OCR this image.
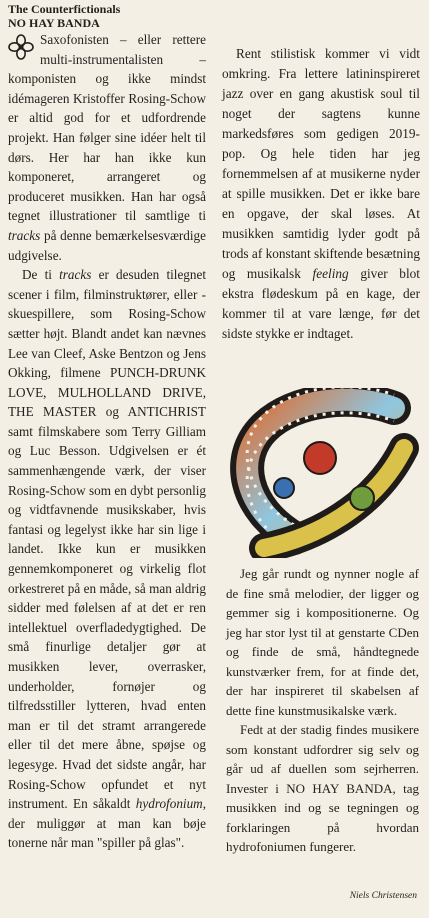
The Counterfictionals
NO HAY BANDA

Saxofonisten – eller rettere multi-instrumentalisten – komponisten og ikke mindst idémageren Kristoffer Rosing-Schow er altid god for et udfordrende projekt. Han følger sine idéer helt til dørs. Her har han ikke kun komponeret, arrangeret og produceret musikken. Han har også tegnet illustrationer til samtlige ti tracks på denne bemærkelsesværdige udgivelse.

De ti tracks er desuden tilegnet scener i film, filminstruktører, eller -skuespillere, som Rosing-Schow sætter højt. Blandt andet kan nævnes Lee van Cleef, Aske Bentzon og Jens Okking, filmene PUNCH-DRUNK LOVE, MULHOLLAND DRIVE, THE MASTER og ANTICHRIST samt filmskabere som Terry Gilliam og Luc Besson. Udgivelsen er ét sammenhængende værk, der viser Rosing-Schow som en dybt personlig og vidtfavnende musikskaber, hvis fantasi og legelyst ikke har sin lige i landet. Ikke kun er musikken gennemkomponeret og virkelig flot orkestreret på en måde, så man aldrig sidder med følelsen af at det er ren intellektuel overfladedygtighed. De små finurlige detaljer gør at musikken lever, overrasker, underholder, fornøjer og tilfredsstiller lytteren, hvad enten man er til det stramt arrangerede eller til det mere åbne, spøjse og legesyge. Hvad det sidste angår, har Rosing-Schow opfundet et nyt instrument. En såkaldt hydrofonium, der muliggør at man kan bøje tonerne når man "spiller på glas".

Rent stilistisk kommer vi vidt omkring. Fra lettere latininspireret jazz over en gang akustisk soul til noget der sagtens kunne markedsføres som gedigen 2019-pop. Og hele tiden har jeg fornemmelsen af at musikerne nyder at spille musikken. Det er ikke bare en opgave, der skal løses. At musikken samtidig lyder godt på trods af konstant skiftende besætning og musikalsk feeling giver blot ekstra flødeskum på en kage, der kommer til at vare længe, før det sidste stykke er indtaget.

Jeg går rundt og nynner nogle af de fine små melodier, der ligger og gemmer sig i kompositionerne. Og jeg har stor lyst til at genstarte CDen og finde de små, håndtegnede kunstværker frem, for at finde det, der har inspireret til skabelsen af dette fine kunstmusikalske værk.

Fedt at der stadig findes musikere som konstant udfordrer sig selv og går ud af duellen som sejrherren. Invester i NO HAY BANDA, tag musikken ind og se tegningen og forklaringen på hvordan hydrofoniumen fungerer.

Niels Christensen
